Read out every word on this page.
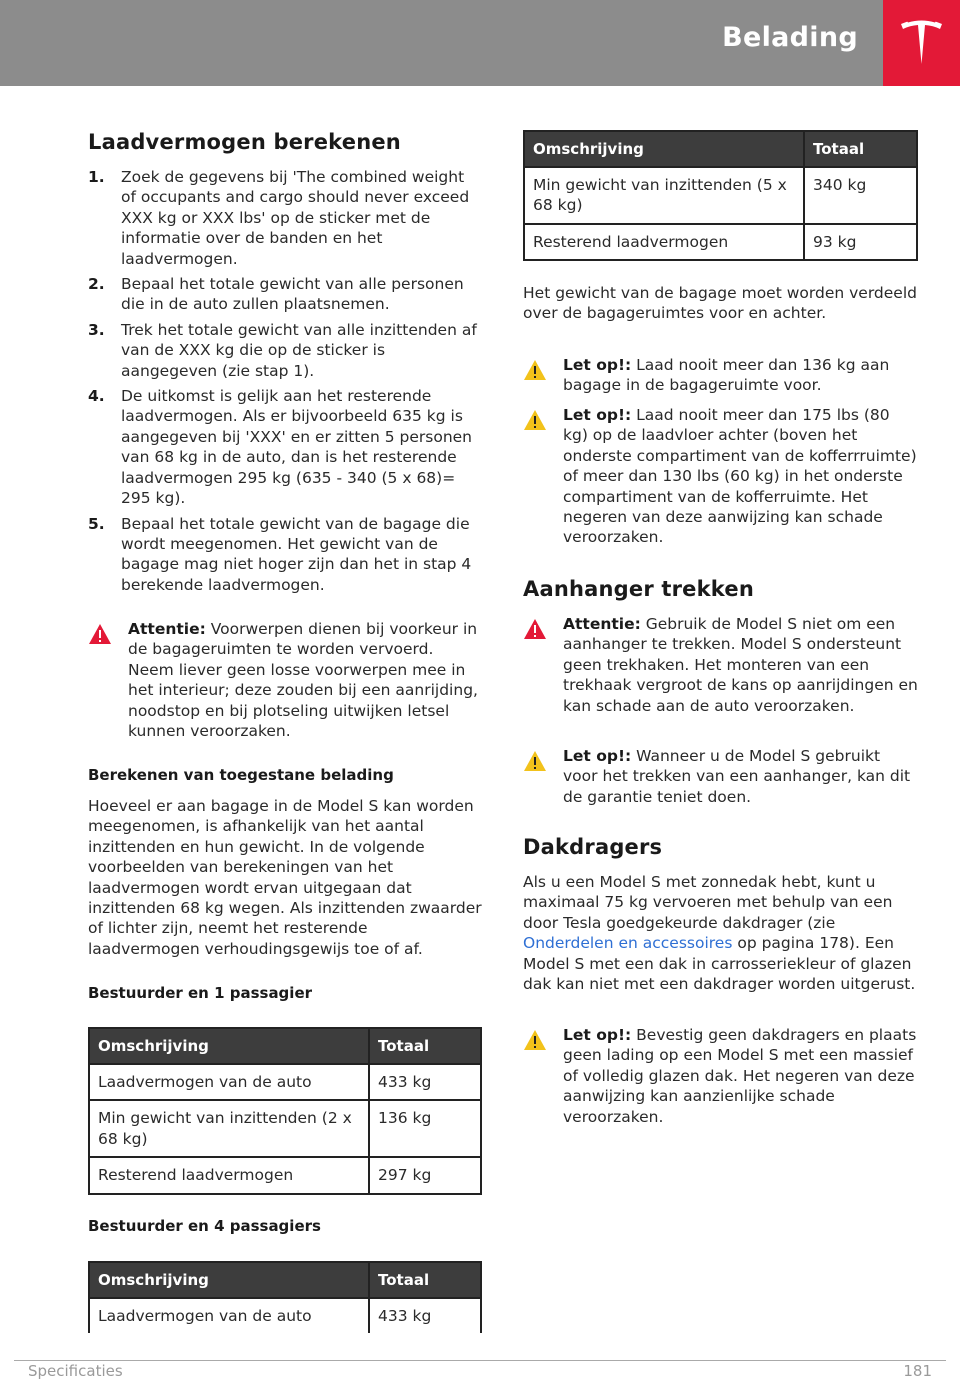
Belading
Laadvermogen berekenen
1. Zoek de gegevens bij 'The combined weight of occupants and cargo should never exceed XXX kg or XXX lbs' op de sticker met de informatie over de banden en het laadvermogen.
2. Bepaal het totale gewicht van alle personen die in de auto zullen plaatsnemen.
3. Trek het totale gewicht van alle inzittenden af van de XXX kg die op de sticker is aangegeven (zie stap 1).
4. De uitkomst is gelijk aan het resterende laadvermogen. Als er bijvoorbeeld 635 kg is aangegeven bij 'XXX' en er zitten 5 personen van 68 kg in de auto, dan is het resterende laadvermogen 295 kg (635 - 340 (5 x 68)= 295 kg).
5. Bepaal het totale gewicht van de bagage die wordt meegenomen. Het gewicht van de bagage mag niet hoger zijn dan het in stap 4 berekende laadvermogen.
Attentie: Voorwerpen dienen bij voorkeur in de bagageruimten te worden vervoerd. Neem liever geen losse voorwerpen mee in het interieur; deze zouden bij een aanrijding, noodstop en bij plotseling uitwijken letsel kunnen veroorzaken.
Berekenen van toegestane belading
Hoeveel er aan bagage in de Model S kan worden meegenomen, is afhankelijk van het aantal inzittenden en hun gewicht. In de volgende voorbeelden van berekeningen van het laadvermogen wordt ervan uitgegaan dat inzittenden 68 kg wegen. Als inzittenden zwaarder of lichter zijn, neemt het resterende laadvermogen verhoudingsgewijs toe of af.
Bestuurder en 1 passagier
Omschrijving	Totaal
Laadvermogen van de auto	433 kg
Min gewicht van inzittenden (2 x 68 kg)	136 kg
Resterend laadvermogen	297 kg
Bestuurder en 4 passagiers
Omschrijving	Totaal
Laadvermogen van de auto	433 kg
Omschrijving	Totaal
Min gewicht van inzittenden (5 x 68 kg)	340 kg
Resterend laadvermogen	93 kg
Het gewicht van de bagage moet worden verdeeld over de bagageruimtes voor en achter.
Let op!: Laad nooit meer dan 136 kg aan bagage in de bagageruimte voor.
Let op!: Laad nooit meer dan 175 lbs (80 kg) op de laadvloer achter (boven het onderste compartiment van de kofferrruimte) of meer dan 130 lbs (60 kg) in het onderste compartiment van de kofferruimte. Het negeren van deze aanwijzing kan schade veroorzaken.
Aanhanger trekken
Attentie: Gebruik de Model S niet om een aanhanger te trekken. Model S ondersteunt geen trekhaken. Het monteren van een trekhaak vergroot de kans op aanrijdingen en kan schade aan de auto veroorzaken.
Let op!: Wanneer u de Model S gebruikt voor het trekken van een aanhanger, kan dit de garantie teniet doen.
Dakdragers
Als u een Model S met zonnedak hebt, kunt u maximaal 75 kg vervoeren met behulp van een door Tesla goedgekeurde dakdrager (zie Onderdelen en accessoires op pagina 178). Een Model S met een dak in carrosseriekleur of glazen dak kan niet met een dakdrager worden uitgerust.
Let op!: Bevestig geen dakdragers en plaats geen lading op een Model S met een massief of volledig glazen dak. Het negeren van deze aanwijzing kan aanzienlijke schade veroorzaken.
Specificaties	181
